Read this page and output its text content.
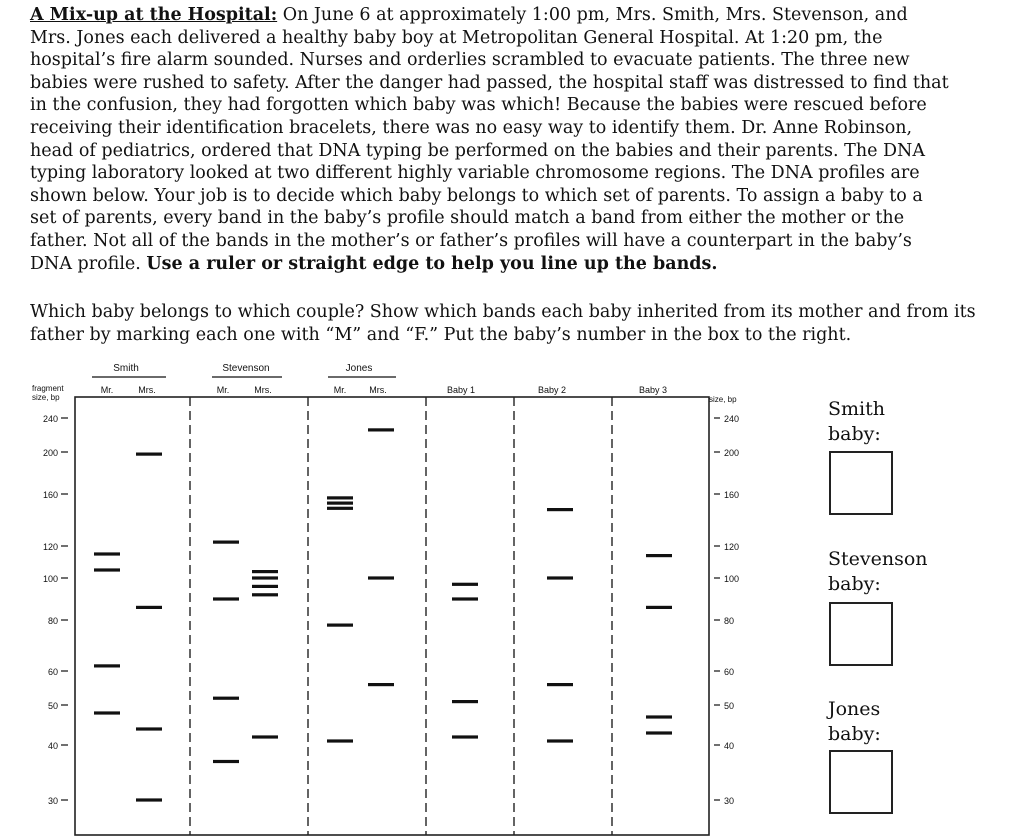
A Mix-up at the Hospital: On June 6 at approximately 1:00 pm, Mrs. Smith, Mrs. Stevenson, and Mrs. Jones each delivered a healthy baby boy at Metropolitan General Hospital. At 1:20 pm, the hospital’s fire alarm sounded. Nurses and orderlies scrambled to evacuate patients. The three new babies were rushed to safety. After the danger had passed, the hospital staff was distressed to find that in the confusion, they had forgotten which baby was which! Because the babies were rescued before receiving their identification bracelets, there was no easy way to identify them. Dr. Anne Robinson, head of pediatrics, ordered that DNA typing be performed on the babies and their parents. The DNA typing laboratory looked at two different highly variable chromosome regions. The DNA profiles are shown below. Your job is to decide which baby belongs to which set of parents. To assign a baby to a set of parents, every band in the baby’s profile should match a band from either the mother or the father. Not all of the bands in the mother’s or father’s profiles will have a counterpart in the baby’s DNA profile. Use a ruler or straight edge to help you line up the bands.

Which baby belongs to which couple? Show which bands each baby inherited from its mother and from its father by marking each one with “M” and “F.” Put the baby’s number in the box to the right.

Smith	Stevenson	Jones
Mr.	Mrs.	Mr.	Mrs.	Mr.	Mrs.	Baby 1	Baby 2	Baby 3
fragment size, bp	size, bp
240
200
160
120
100
80
60
50
40
30
240
200
160
120
100
80
60
50
40
30

Smith
baby:

Stevenson
baby:

Jones
baby:
